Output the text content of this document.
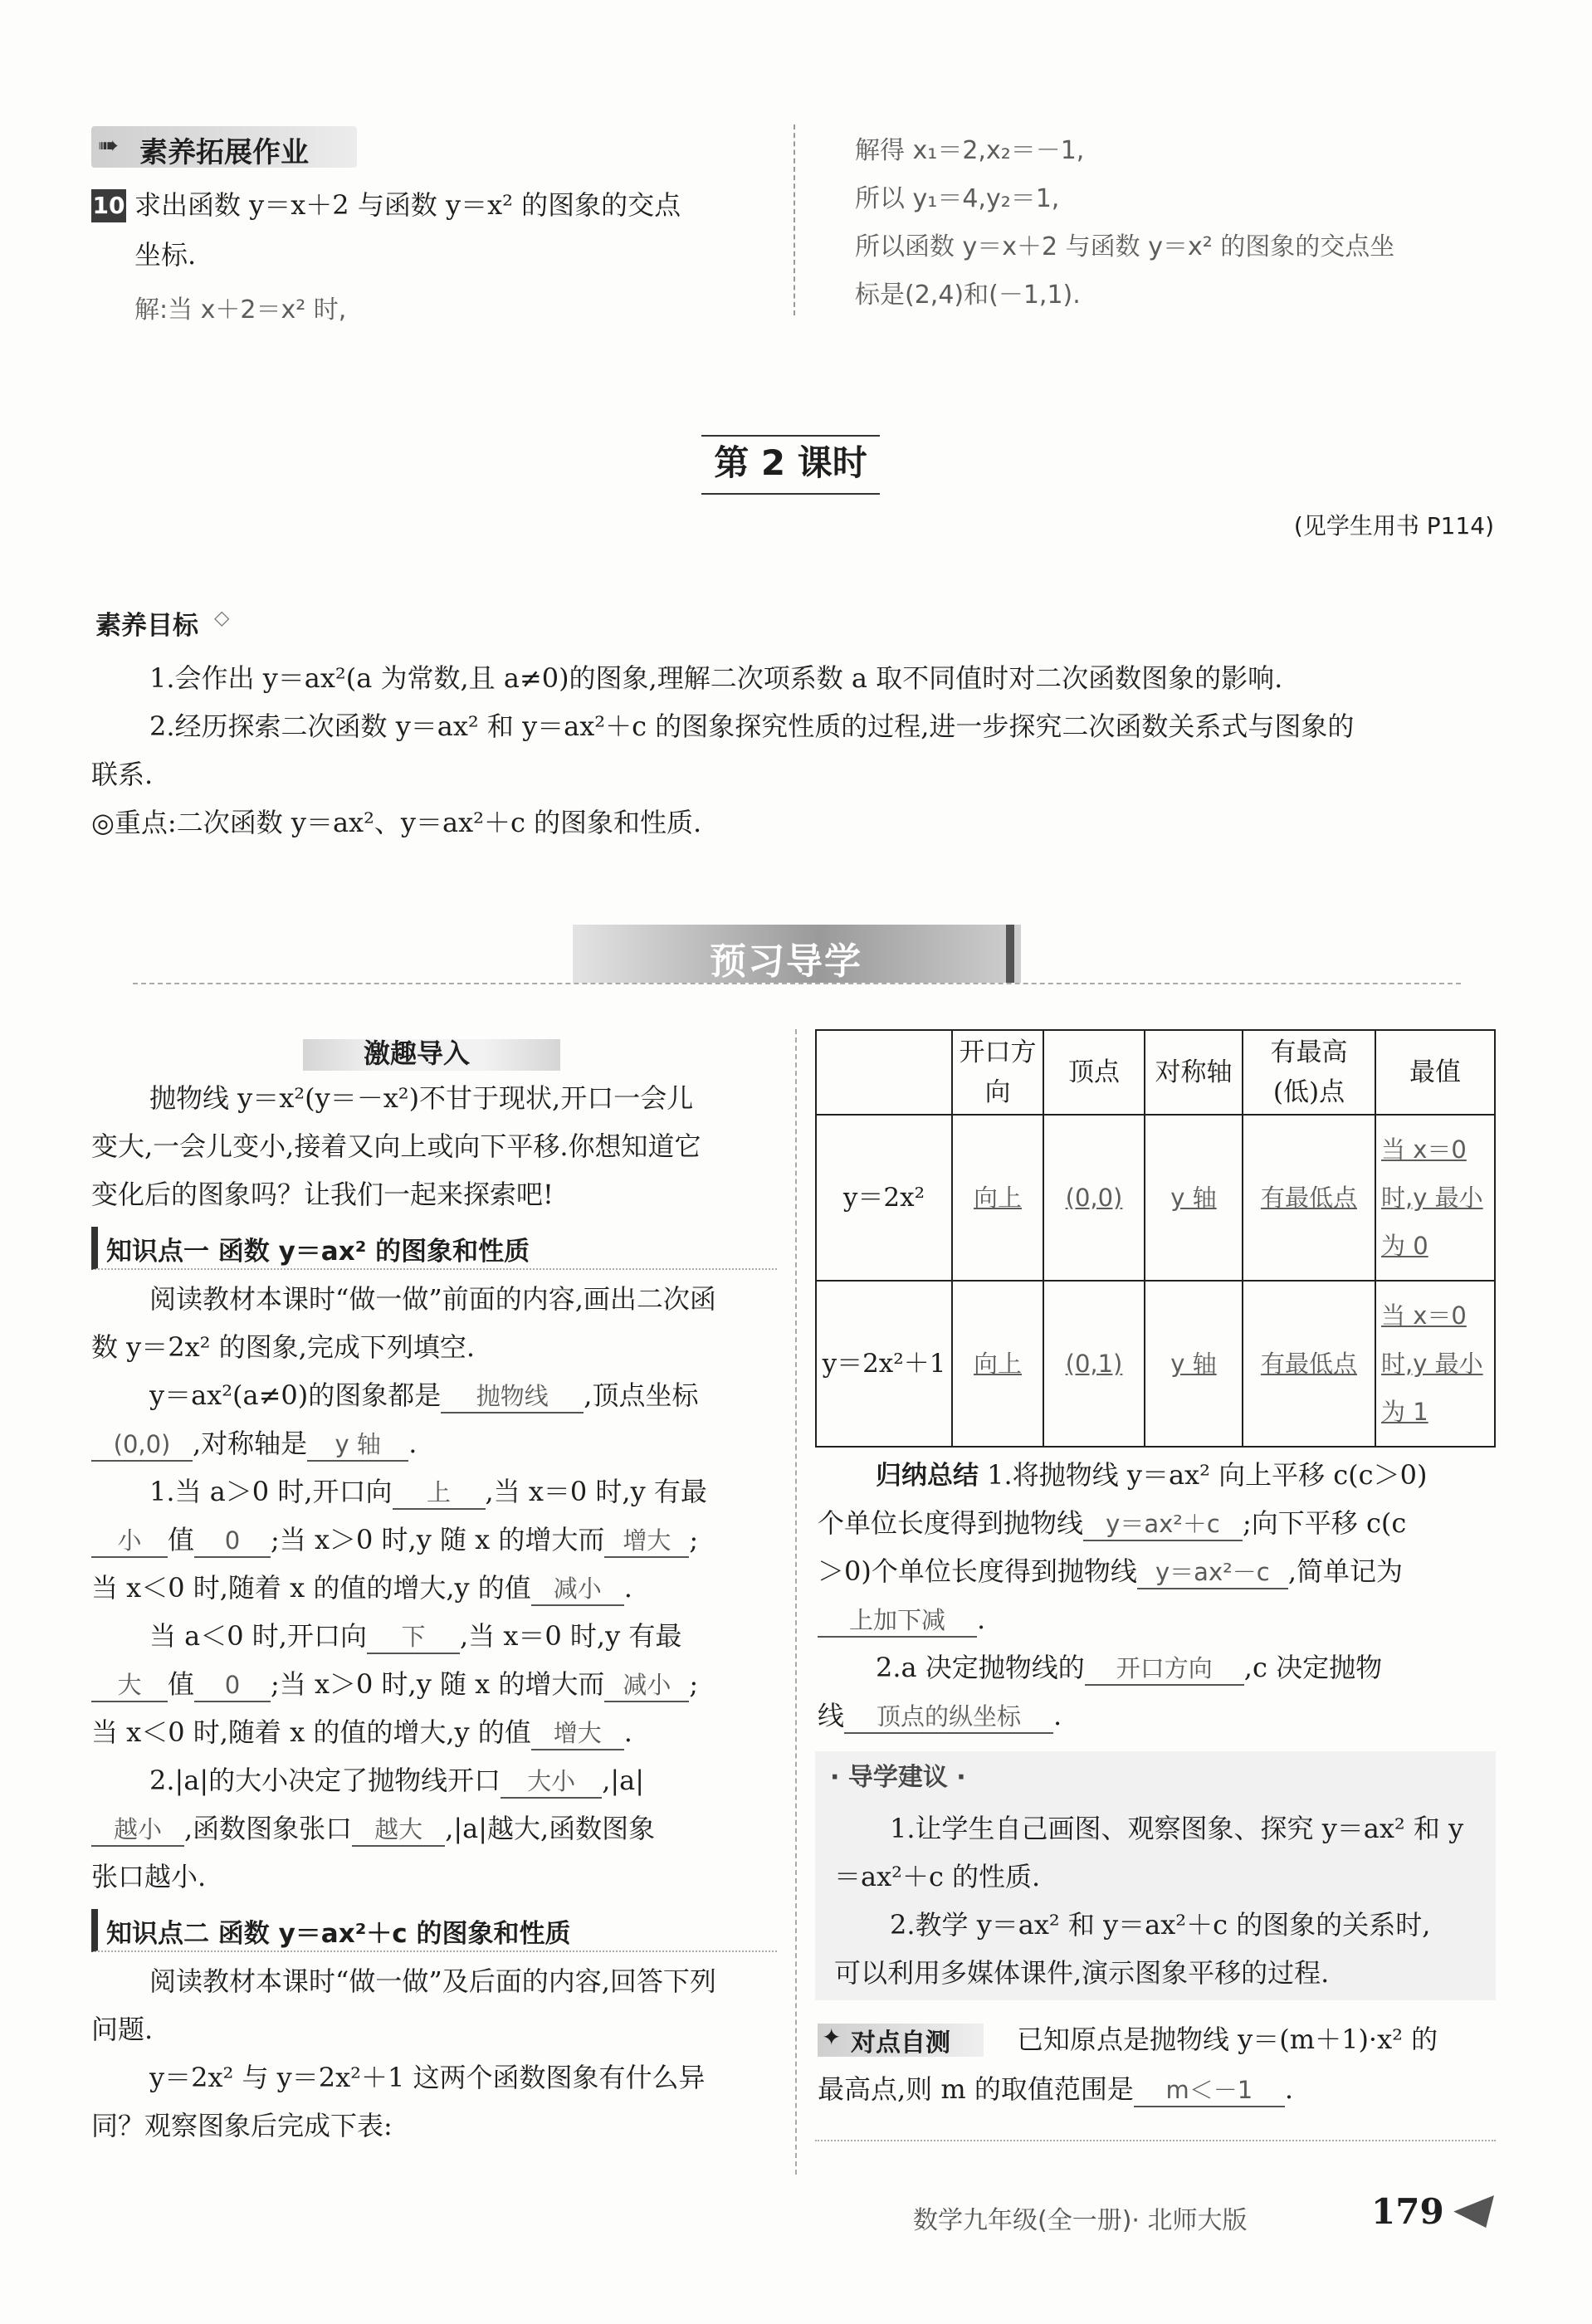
➠ 素养拓展作业
10 求出函数 y＝x＋2 与函数 y＝x² 的图象的交点
坐标.
解:当 x＋2＝x² 时,
解得 x₁＝2,x₂＝－1,
所以 y₁＝4,y₂＝1,
所以函数 y＝x＋2 与函数 y＝x² 的图象的交点坐
标是(2,4)和(－1,1).
第 2 课时
(见学生用书 P114)
素养目标 ◇
1.会作出 y＝ax²(a 为常数,且 a≠0)的图象,理解二次项系数 a 取不同值时对二次函数图象的影响.
2.经历探索二次函数 y＝ax² 和 y＝ax²＋c 的图象探究性质的过程,进一步探究二次函数关系式与图象的
联系.
◎重点:二次函数 y＝ax²、y＝ax²＋c 的图象和性质.
预习导学
激趣导入
抛物线 y＝x²(y＝－x²)不甘于现状,开口一会儿
变大,一会儿变小,接着又向上或向下平移.你想知道它
变化后的图象吗？让我们一起来探索吧!
知识点一 函数 y＝ax² 的图象和性质
阅读教材本课时“做一做”前面的内容,画出二次函
数 y＝2x² 的图象,完成下列填空.
y＝ax²(a≠0)的图象都是 抛物线 ,顶点坐标
(0,0) ,对称轴是 y 轴 .
1.当 a＞0 时,开口向 上 ,当 x＝0 时,y 有最
小 值 0 ;当 x＞0 时,y 随 x 的增大而 增大 ;
当 x＜0 时,随着 x 的值的增大,y 的值 减小 .
当 a＜0 时,开口向 下 ,当 x＝0 时,y 有最
大 值 0 ;当 x＞0 时,y 随 x 的增大而 减小 ;
当 x＜0 时,随着 x 的值的增大,y 的值 增大 .
2.|a|的大小决定了抛物线开口 大小 ,|a|
越小 ,函数图象张口 越大 ,|a|越大,函数图象
张口越小.
知识点二 函数 y＝ax²＋c 的图象和性质
阅读教材本课时“做一做”及后面的内容,回答下列
问题.
y＝2x² 与 y＝2x²＋1 这两个函数图象有什么异
同？观察图象后完成下表:
	开口方向	顶点	对称轴	有最高(低)点	最值
y＝2x²	向上	(0,0)	y 轴	有最低点	当 x＝0 时,y 最小为 0
y＝2x²＋1	向上	(0,1)	y 轴	有最低点	当 x＝0 时,y 最小为 1
归纳总结 1.将抛物线 y＝ax² 向上平移 c(c＞0)
个单位长度得到抛物线 y＝ax²＋c ;向下平移 c(c
＞0)个单位长度得到抛物线 y＝ax²－c ,简单记为
上加下减 .
2.a 决定抛物线的 开口方向 ,c 决定抛物
线 顶点的纵坐标 .
· 导学建议 ·
1.让学生自己画图、观察图象、探究 y＝ax² 和 y
＝ax²＋c 的性质.
2.教学 y＝ax² 和 y＝ax²＋c 的图象的关系时,
可以利用多媒体课件,演示图象平移的过程.
✦ 对点自测	已知原点是抛物线 y＝(m＋1)·x² 的
最高点,则 m 的取值范围是 m＜－1 .
数学九年级(全一册)· 北师大版	179
